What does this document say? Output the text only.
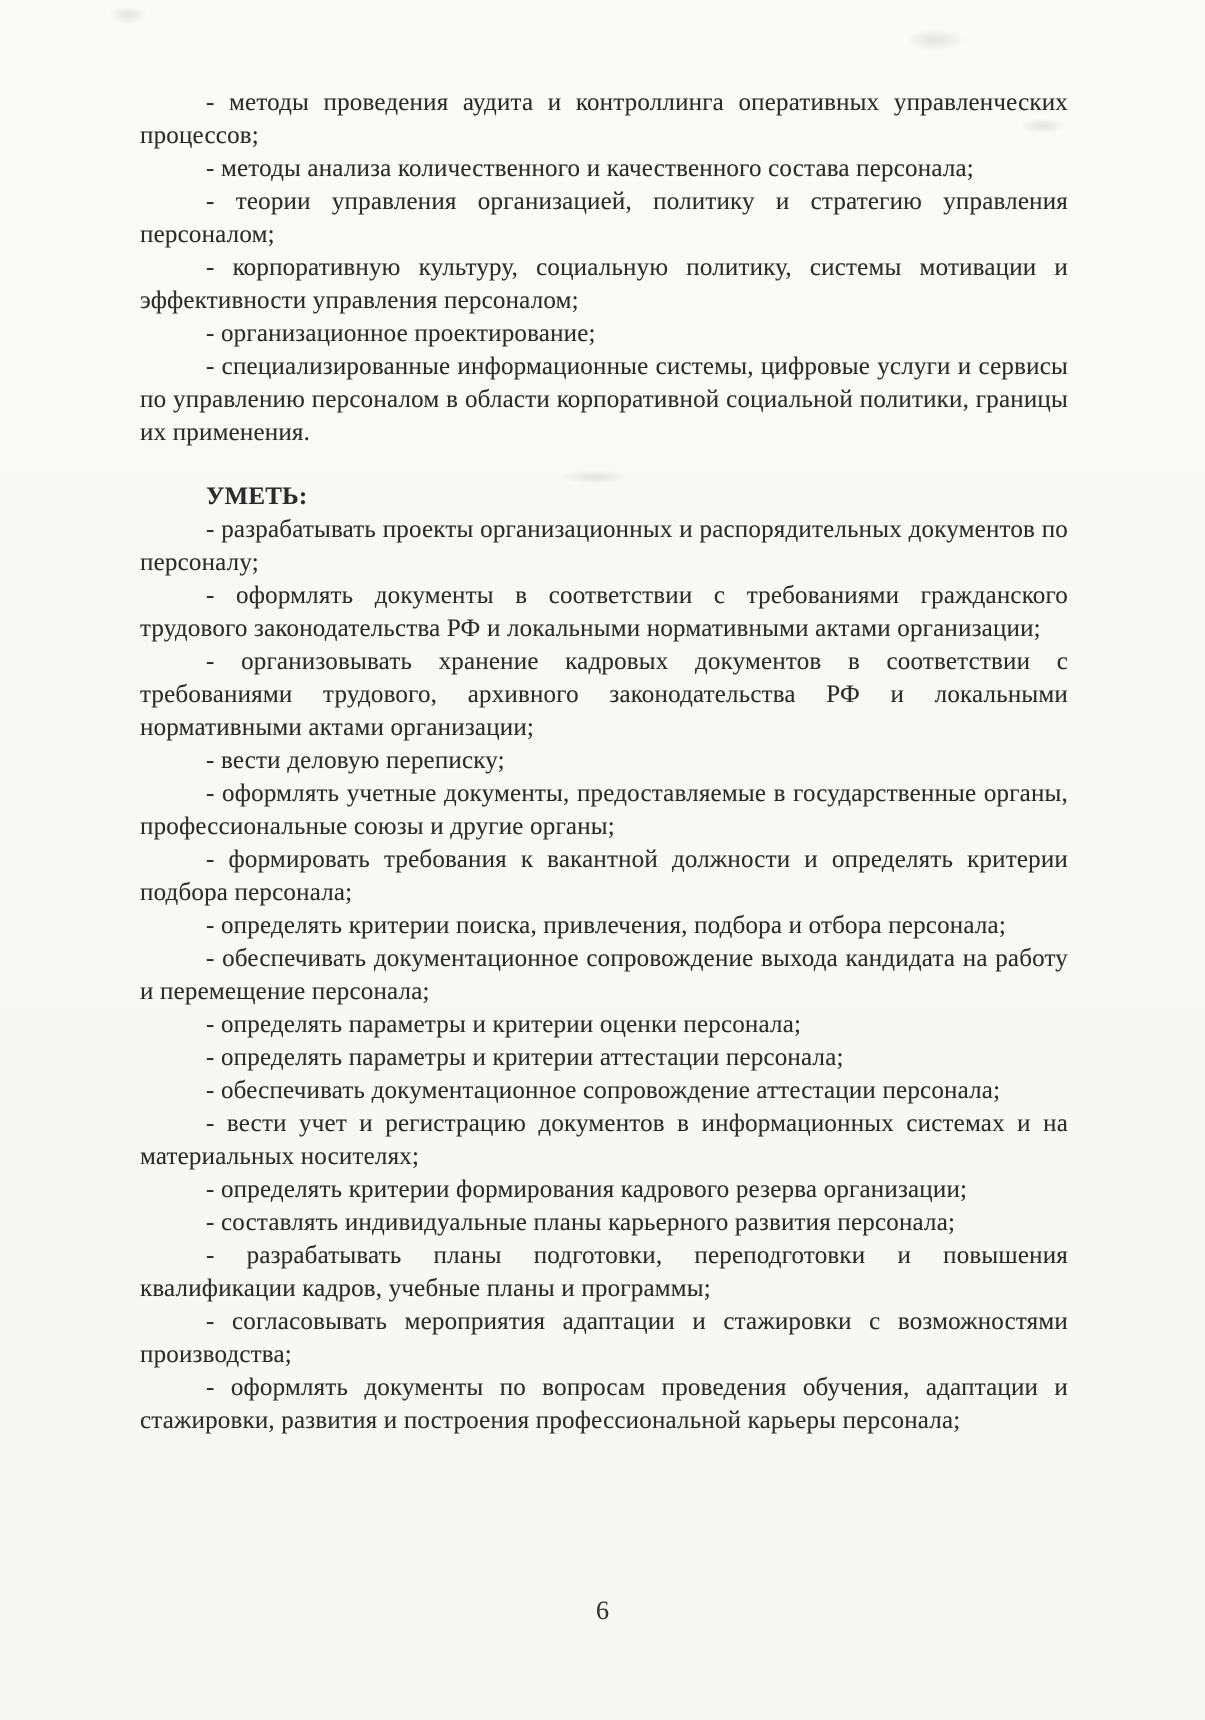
- методы проведения аудита и контроллинга оперативных управленческих процессов;

- методы анализа количественного и качественного состава персонала;

- теории управления организацией, политику и стратегию управления персоналом;

- корпоративную культуру, социальную политику, системы мотивации и эффективности управления персоналом;

- организационное проектирование;

- специализированные информационные системы, цифровые услуги и сервисы по управлению персоналом в области корпоративной социальной политики, границы их применения.

УМЕТЬ:

- разрабатывать проекты организационных и распорядительных документов по персоналу;

- оформлять документы в соответствии с требованиями гражданского трудового законодательства РФ и локальными нормативными актами организации;

- организовывать хранение кадровых документов в соответствии с требованиями трудового, архивного законодательства РФ и локальными нормативными актами организации;

- вести деловую переписку;

- оформлять учетные документы, предоставляемые в государственные органы, профессиональные союзы и другие органы;

- формировать требования к вакантной должности и определять критерии подбора персонала;

- определять критерии поиска, привлечения, подбора и отбора персонала;

- обеспечивать документационное сопровождение выхода кандидата на работу и перемещение персонала;

- определять параметры и критерии оценки персонала;

- определять параметры и критерии аттестации персонала;

- обеспечивать документационное сопровождение аттестации персонала;

- вести учет и регистрацию документов в информационных системах и на материальных носителях;

- определять критерии формирования кадрового резерва организации;

- составлять индивидуальные планы карьерного развития персонала;

- разрабатывать планы подготовки, переподготовки и повышения квалификации кадров, учебные планы и программы;

- согласовывать мероприятия адаптации и стажировки с возможностями производства;

- оформлять документы по вопросам проведения обучения, адаптации и стажировки, развития и построения профессиональной карьеры персонала;

6
